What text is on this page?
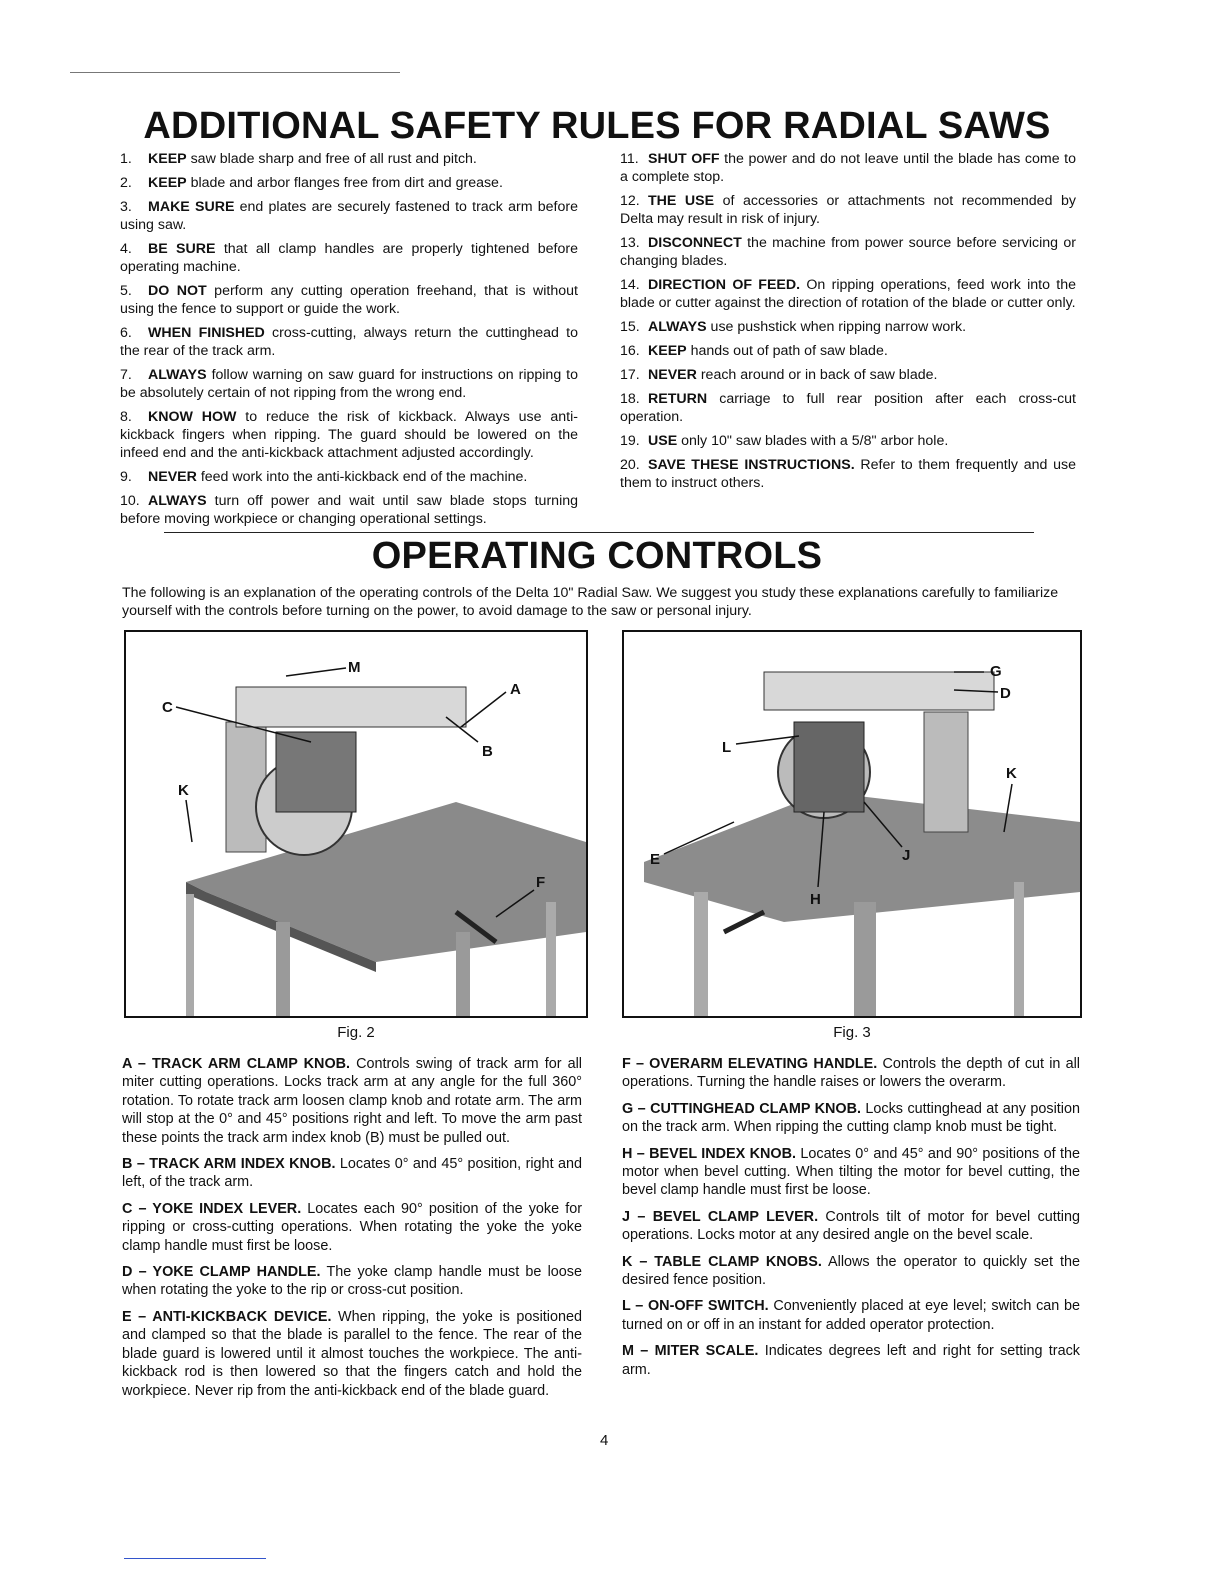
ADDITIONAL SAFETY RULES FOR RADIAL SAWS

1. KEEP saw blade sharp and free of all rust and pitch.

2. KEEP blade and arbor flanges free from dirt and grease.

3. MAKE SURE end plates are securely fastened to track arm before using saw.

4. BE SURE that all clamp handles are properly tightened before operating machine.

5. DO NOT perform any cutting operation freehand, that is without using the fence to support or guide the work.

6. WHEN FINISHED cross-cutting, always return the cuttinghead to the rear of the track arm.

7. ALWAYS follow warning on saw guard for instructions on ripping to be absolutely certain of not ripping from the wrong end.

8. KNOW HOW to reduce the risk of kickback. Always use anti-kickback fingers when ripping. The guard should be lowered on the infeed end and the anti-kickback attachment adjusted accordingly.

9. NEVER feed work into the anti-kickback end of the machine.

10. ALWAYS turn off power and wait until saw blade stops turning before moving workpiece or changing operational settings.

11. SHUT OFF the power and do not leave until the blade has come to a complete stop.

12. THE USE of accessories or attachments not recommended by Delta may result in risk of injury.

13. DISCONNECT the machine from power source before servicing or changing blades.

14. DIRECTION OF FEED. On ripping operations, feed work into the blade or cutter against the direction of rotation of the blade or cutter only.

15. ALWAYS use pushstick when ripping narrow work.

16. KEEP hands out of path of saw blade.

17. NEVER reach around or in back of saw blade.

18. RETURN carriage to full rear position after each cross-cut operation.

19. USE only 10" saw blades with a 5/8" arbor hole.

20. SAVE THESE INSTRUCTIONS. Refer to them frequently and use them to instruct others.

OPERATING CONTROLS
The following is an explanation of the operating controls of the Delta 10" Radial Saw. We suggest you study these explanations carefully to familiarize yourself with the controls before turning on the power, to avoid damage to the saw or personal injury.
M
C
A
B
K
F
Fig. 2
G
D
L
K
E	J
H
Fig. 3

A – TRACK ARM CLAMP KNOB. Controls swing of track arm for all miter cutting operations. Locks track arm at any angle for the full 360° rotation. To rotate track arm loosen clamp knob and rotate arm. The arm will stop at the 0° and 45° positions right and left. To move the arm past these points the track arm index knob (B) must be pulled out.

B – TRACK ARM INDEX KNOB. Locates 0° and 45° position, right and left, of the track arm.

C – YOKE INDEX LEVER. Locates each 90° position of the yoke for ripping or cross-cutting operations. When rotating the yoke the yoke clamp handle must first be loose.

D – YOKE CLAMP HANDLE. The yoke clamp handle must be loose when rotating the yoke to the rip or cross-cut position.

E – ANTI-KICKBACK DEVICE. When ripping, the yoke is positioned and clamped so that the blade is parallel to the fence. The rear of the blade guard is lowered until it almost touches the workpiece. The anti-kickback rod is then lowered so that the fingers catch and hold the workpiece. Never rip from the anti-kickback end of the blade guard.

F – OVERARM ELEVATING HANDLE. Controls the depth of cut in all operations. Turning the handle raises or lowers the overarm.

G – CUTTINGHEAD CLAMP KNOB. Locks cuttinghead at any position on the track arm. When ripping the cutting clamp knob must be tight.

H – BEVEL INDEX KNOB. Locates 0° and 45° and 90° positions of the motor when bevel cutting. When tilting the motor for bevel cutting, the bevel clamp handle must first be loose.

J – BEVEL CLAMP LEVER. Controls tilt of motor for bevel cutting operations. Locks motor at any desired angle on the bevel scale.

K – TABLE CLAMP KNOBS. Allows the operator to quickly set the desired fence position.

L – ON-OFF SWITCH. Conveniently placed at eye level; switch can be turned on or off in an instant for added operator protection.

M – MITER SCALE. Indicates degrees left and right for setting track arm.

4
